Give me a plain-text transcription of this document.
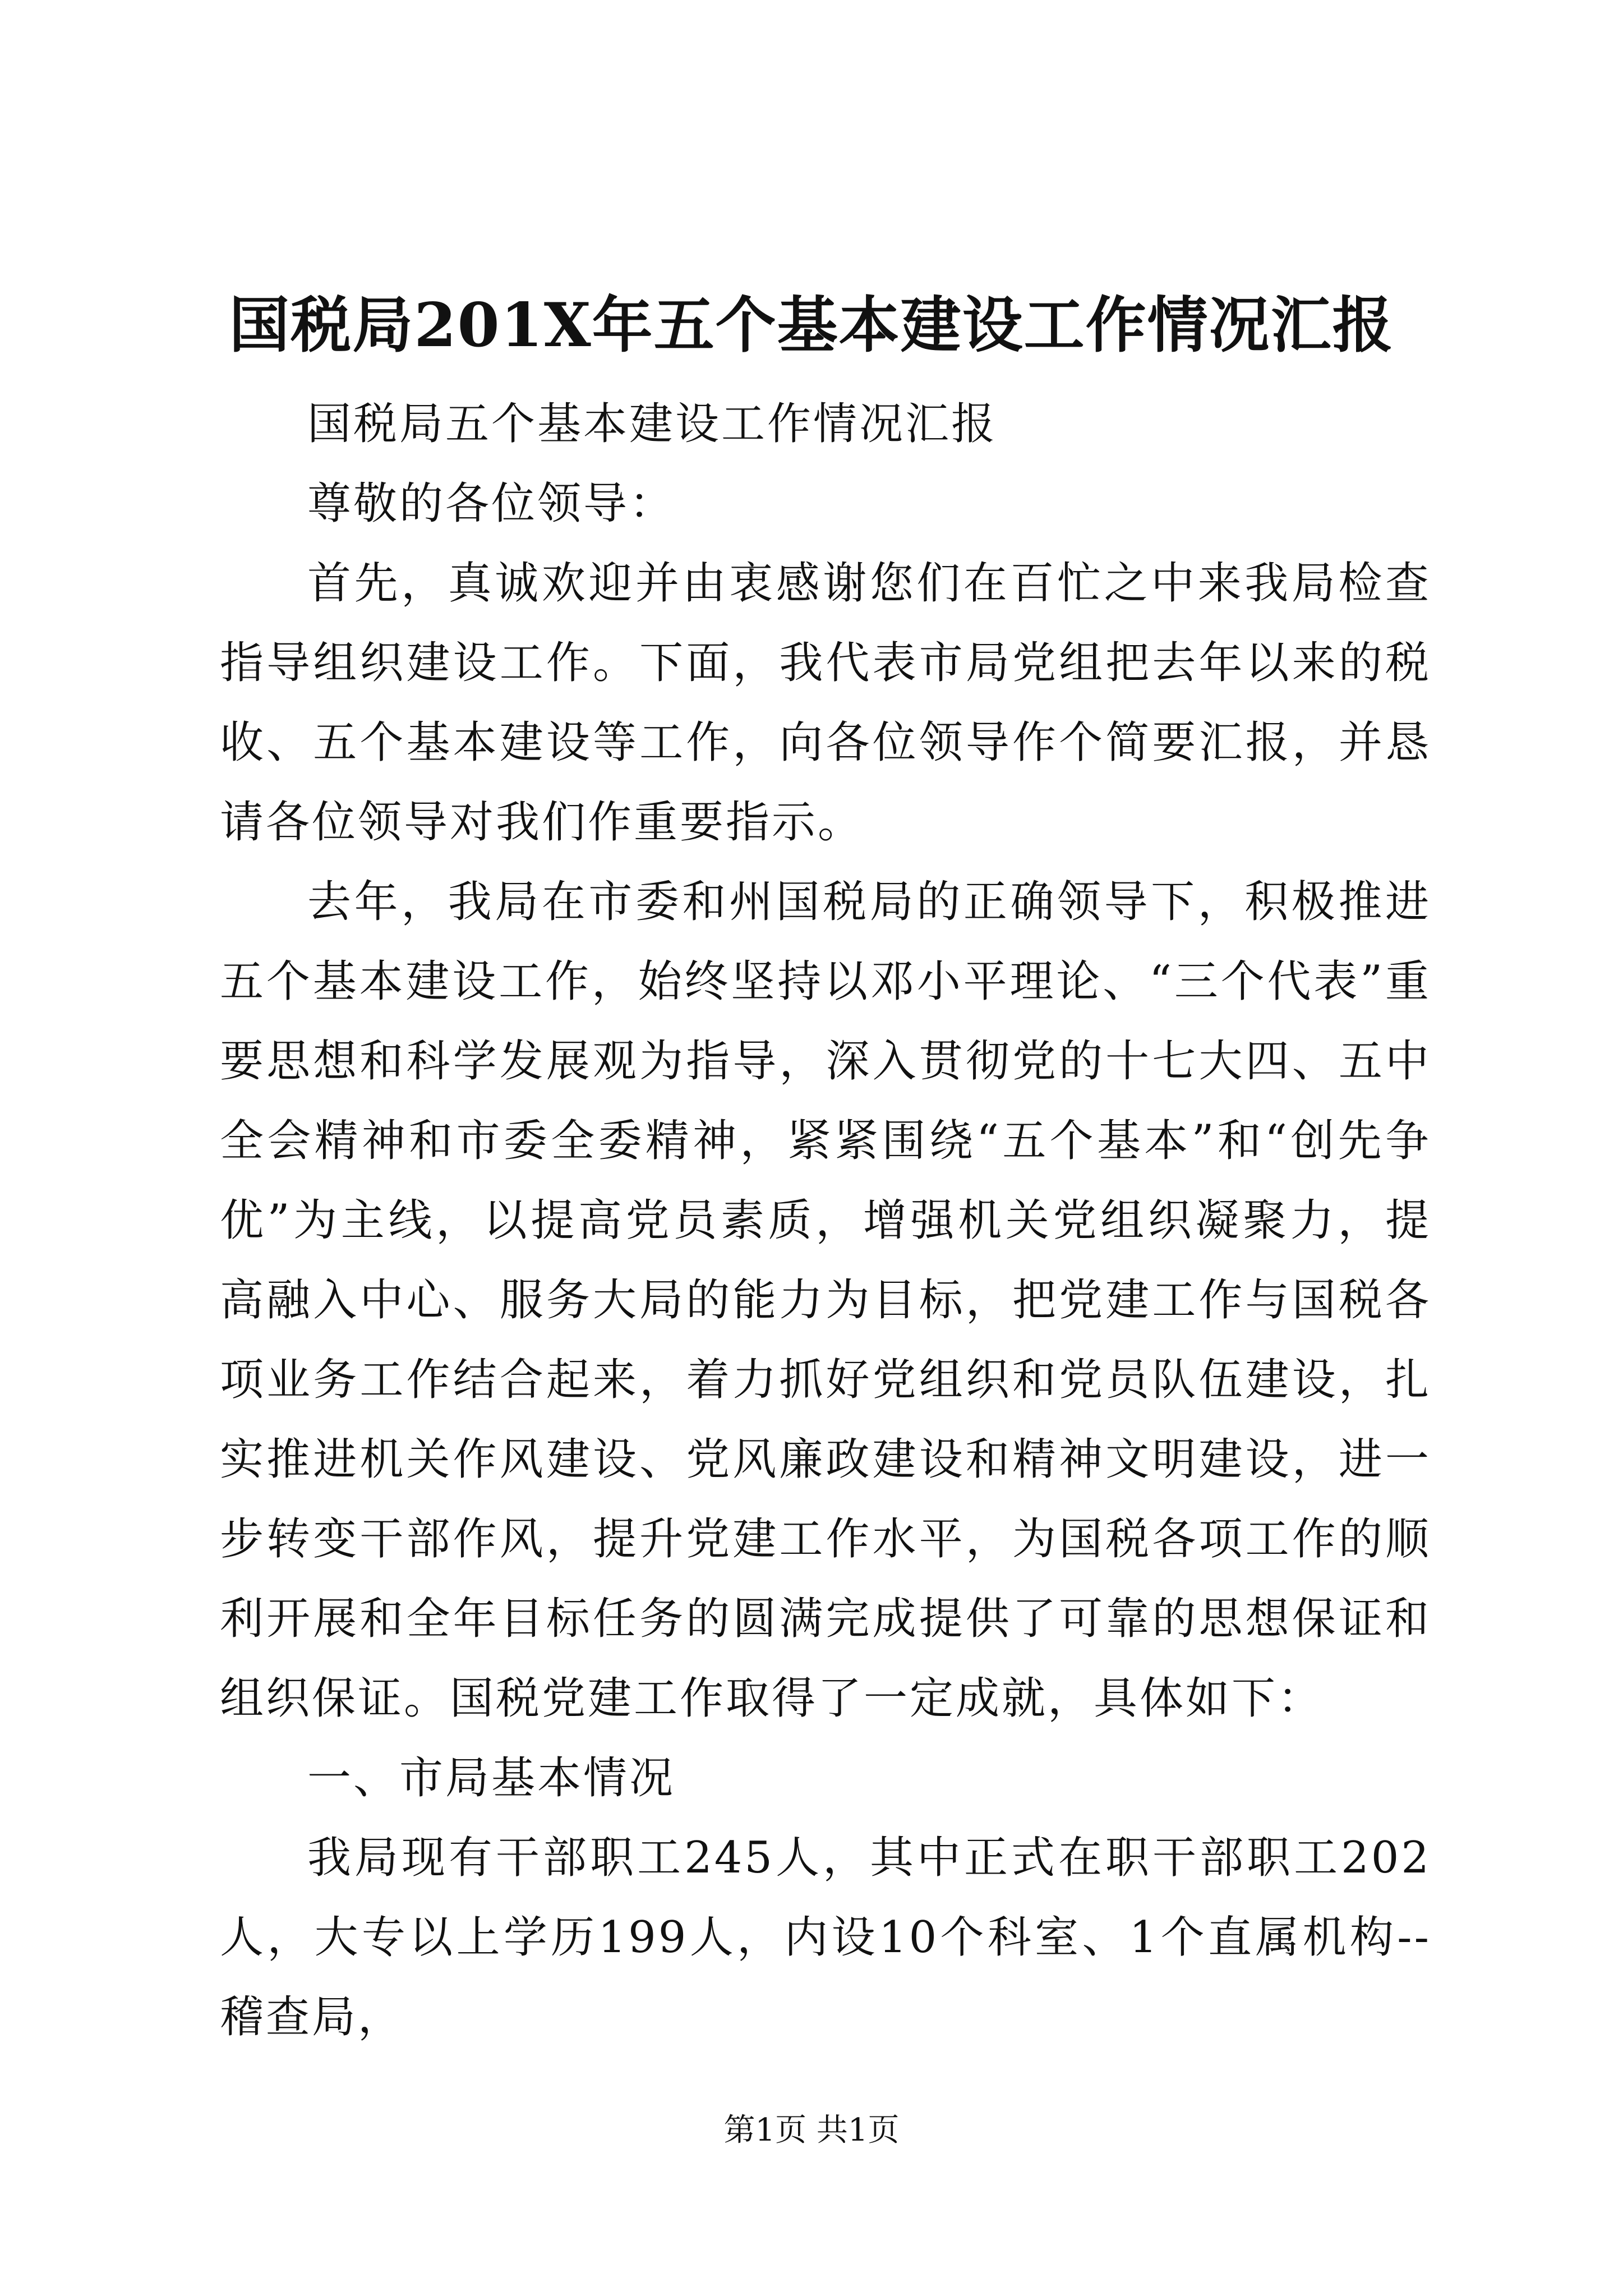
国税局201X年五个基本建设工作情况汇报

国税局五个基本建设工作情况汇报

尊敬的各位领导：

首先，真诚欢迎并由衷感谢您们在百忙之中来我局检查指导组织建设工作。下面，我代表市局党组把去年以来的税收、五个基本建设等工作，向各位领导作个简要汇报，并恳请各位领导对我们作重要指示。

去年，我局在市委和州国税局的正确领导下，积极推进五个基本建设工作，始终坚持以邓小平理论、“三个代表”重要思想和科学发展观为指导，深入贯彻党的十七大四、五中全会精神和市委全委精神，紧紧围绕“五个基本”和“创先争优”为主线，以提高党员素质，增强机关党组织凝聚力，提高融入中心、服务大局的能力为目标，把党建工作与国税各项业务工作结合起来，着力抓好党组织和党员队伍建设，扎实推进机关作风建设、党风廉政建设和精神文明建设，进一步转变干部作风，提升党建工作水平，为国税各项工作的顺利开展和全年目标任务的圆满完成提供了可靠的思想保证和组织保证。国税党建工作取得了一定成就，具体如下：

一、市局基本情况

我局现有干部职工245人，其中正式在职干部职工202人，大专以上学历199人，内设10个科室、1个直属机构--稽查局，

第1页 共1页
